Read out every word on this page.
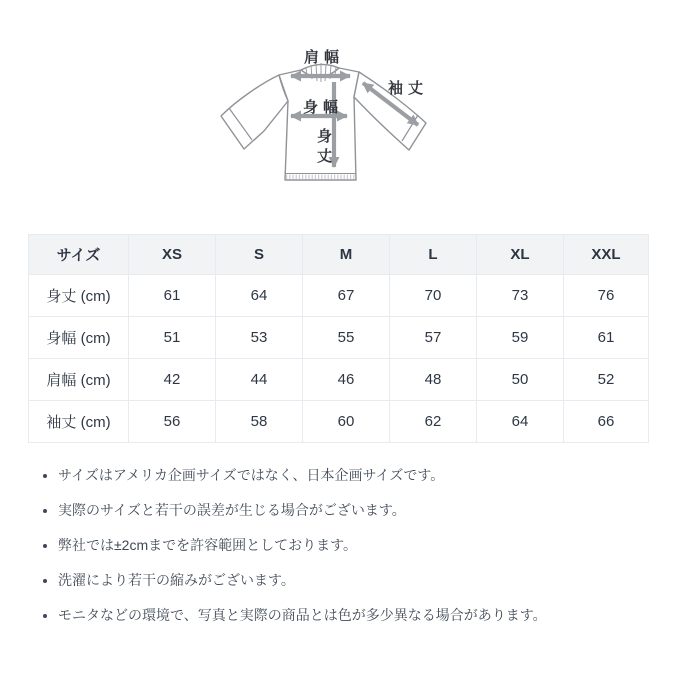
肩幅
袖丈
身幅
身
丈
サイズ	XS	S	M	L	XL	XXL
身丈 (cm)	61	64	67	70	73	76
身幅 (cm)	51	53	55	57	59	61
肩幅 (cm)	42	44	46	48	50	52
袖丈 (cm)	56	58	60	62	64	66
• サイズはアメリカ企画サイズではなく、日本企画サイズです。
• 実際のサイズと若干の誤差が生じる場合がございます。
• 弊社では±2cmまでを許容範囲としております。
• 洗濯により若干の縮みがございます。
• モニタなどの環境で、写真と実際の商品とは色が多少異なる場合があります。
